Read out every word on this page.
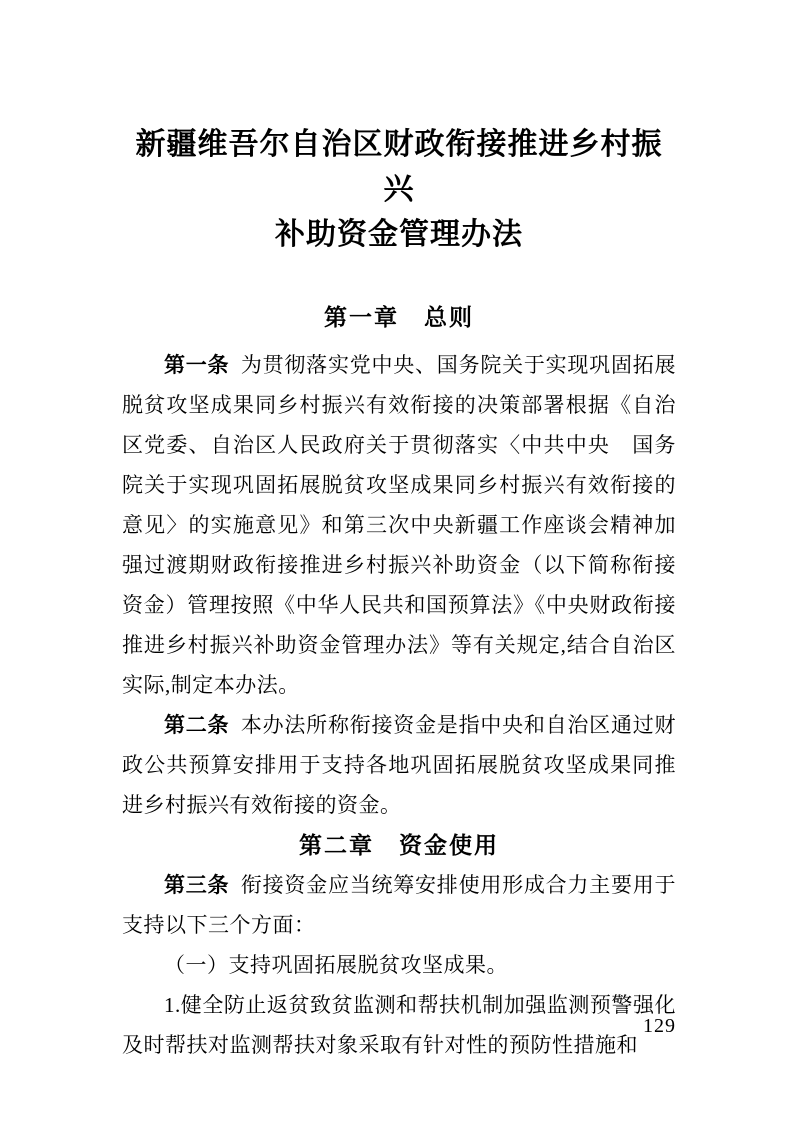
新疆维吾尔自治区财政衔接推进乡村振兴
补助资金管理办法
第一章　总则

第一条 为贯彻落实党中央、国务院关于实现巩固拓展脱贫攻坚成果同乡村振兴有效衔接的决策部署根据《自治区党委、自治区人民政府关于贯彻落实〈中共中央　国务院关于实现巩固拓展脱贫攻坚成果同乡村振兴有效衔接的意见〉的实施意见》和第三次中央新疆工作座谈会精神加强过渡期财政衔接推进乡村振兴补助资金（以下简称衔接资金）管理按照《中华人民共和国预算法》《中央财政衔接推进乡村振兴补助资金管理办法》等有关规定,结合自治区实际,制定本办法。

第二条 本办法所称衔接资金是指中央和自治区通过财政公共预算安排用于支持各地巩固拓展脱贫攻坚成果同推进乡村振兴有效衔接的资金。

第二章　资金使用

第三条 衔接资金应当统筹安排使用形成合力主要用于支持以下三个方面：

（一）支持巩固拓展脱贫攻坚成果。

1.健全防止返贫致贫监测和帮扶机制加强监测预警强化及时帮扶对监测帮扶对象采取有针对性的预防性措施和

129
